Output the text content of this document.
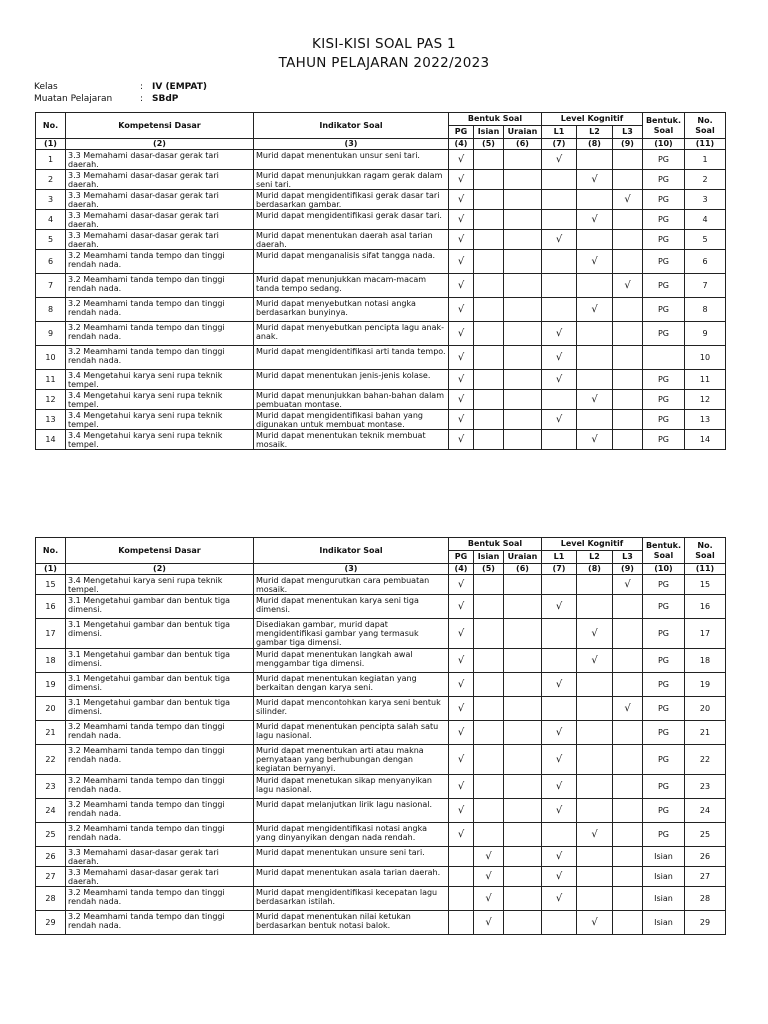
KISI-KISI SOAL PAS 1
TAHUN PELAJARAN 2022/2023
Kelas	: IV (EMPAT)
Muatan Pelajaran	: SBdP
No.	Kompetensi Dasar	Indikator Soal	Bentuk Soal			Level Kognitif			Bentuk. Soal	No. Soal
			PG	Isian	Uraian	L1	L2	L3		
(1)	(2)	(3)	(4)	(5)	(6)	(7)	(8)	(9)	(10)	(11)
1	3.3 Memahami dasar-dasar gerak tari daerah.	Murid dapat menentukan unsur seni tari.	√			√			PG	1
2	3.3 Memahami dasar-dasar gerak tari daerah.	Murid dapat menunjukkan ragam gerak dalam seni tari.	√				√		PG	2
3	3.3 Memahami dasar-dasar gerak tari daerah.	Murid dapat mengidentifikasi gerak dasar tari berdasarkan gambar.	√					√	PG	3
4	3.3 Memahami dasar-dasar gerak tari daerah.	Murid dapat mengidentifikasi gerak dasar tari.	√				√		PG	4
5	3.3 Memahami dasar-dasar gerak tari daerah.	Murid dapat menentukan daerah asal tarian daerah.	√			√			PG	5
6	3.2 Meamhami tanda tempo dan tinggi rendah nada.	Murid dapat menganalisis sifat tangga nada.	√				√		PG	6
7	3.2 Meamhami tanda tempo dan tinggi rendah nada.	Murid dapat menunjukkan macam-macam tanda tempo sedang.	√					√	PG	7
8	3.2 Meamhami tanda tempo dan tinggi rendah nada.	Murid dapat menyebutkan notasi angka berdasarkan bunyinya.	√				√		PG	8
9	3.2 Meamhami tanda tempo dan tinggi rendah nada.	Murid dapat menyebutkan pencipta lagu anak-anak.	√			√			PG	9
10	3.2 Meamhami tanda tempo dan tinggi rendah nada.	Murid dapat mengidentifikasi arti tanda tempo.	√			√				10
11	3.4 Mengetahui karya seni rupa teknik tempel.	Murid dapat menentukan jenis-jenis kolase.	√			√			PG	11
12	3.4 Mengetahui karya seni rupa teknik tempel.	Murid dapat menunjukkan bahan-bahan dalam pembuatan montase.	√				√		PG	12
13	3.4 Mengetahui karya seni rupa teknik tempel.	Murid dapat mengidentifikasi bahan yang digunakan untuk membuat montase.	√			√			PG	13
14	3.4 Mengetahui karya seni rupa teknik tempel.	Murid dapat menentukan teknik membuat mosaik.	√				√		PG	14
No.	Kompetensi Dasar	Indikator Soal	Bentuk Soal			Level Kognitif			Bentuk. Soal	No. Soal
			PG	Isian	Uraian	L1	L2	L3		
(1)	(2)	(3)	(4)	(5)	(6)	(7)	(8)	(9)	(10)	(11)
15	3.4 Mengetahui karya seni rupa teknik tempel.	Murid dapat mengurutkan cara pembuatan mosaik.	√					√	PG	15
16	3.1 Mengetahui gambar dan bentuk tiga dimensi.	Murid dapat menentukan karya seni tiga dimensi.	√			√			PG	16
17	3.1 Mengetahui gambar dan bentuk tiga dimensi.	Disediakan gambar, murid dapat mengidentifikasi gambar yang termasuk gambar tiga dimensi.	√				√		PG	17
18	3.1 Mengetahui gambar dan bentuk tiga dimensi.	Murid dapat menentukan langkah awal menggambar tiga dimensi.	√				√		PG	18
19	3.1 Mengetahui gambar dan bentuk tiga dimensi.	Murid dapat menentukan kegiatan yang berkaitan dengan karya seni.	√			√			PG	19
20	3.1 Mengetahui gambar dan bentuk tiga dimensi.	Murid dapat mencontohkan karya seni bentuk silinder.	√					√	PG	20
21	3.2 Meamhami tanda tempo dan tinggi rendah nada.	Murid dapat menentukan pencipta salah satu lagu nasional.	√			√			PG	21
22	3.2 Meamhami tanda tempo dan tinggi rendah nada.	Murid dapat menentukan arti atau makna pernyataan yang berhubungan dengan kegiatan bernyanyi.	√			√			PG	22
23	3.2 Meamhami tanda tempo dan tinggi rendah nada.	Murid dapat menetukan sikap menyanyikan lagu nasional.	√			√			PG	23
24	3.2 Meamhami tanda tempo dan tinggi rendah nada.	Murid dapat melanjutkan lirik lagu nasional.	√			√			PG	24
25	3.2 Meamhami tanda tempo dan tinggi rendah nada.	Murid dapat mengidentifikasi notasi angka yang dinyanyikan dengan nada rendah.	√				√		PG	25
26	3.3 Memahami dasar-dasar gerak tari daerah.	Murid dapat menentukan unsure seni tari.		√		√			Isian	26
27	3.3 Memahami dasar-dasar gerak tari daerah.	Murid dapat menentukan asala tarian daerah.		√		√			Isian	27
28	3.2 Meamhami tanda tempo dan tinggi rendah nada.	Murid dapat mengidentifikasi kecepatan lagu berdasarkan istilah.		√		√			Isian	28
29	3.2 Meamhami tanda tempo dan tinggi rendah nada.	Murid dapat menentukan nilai ketukan berdasarkan bentuk notasi balok.		√			√		Isian	29
